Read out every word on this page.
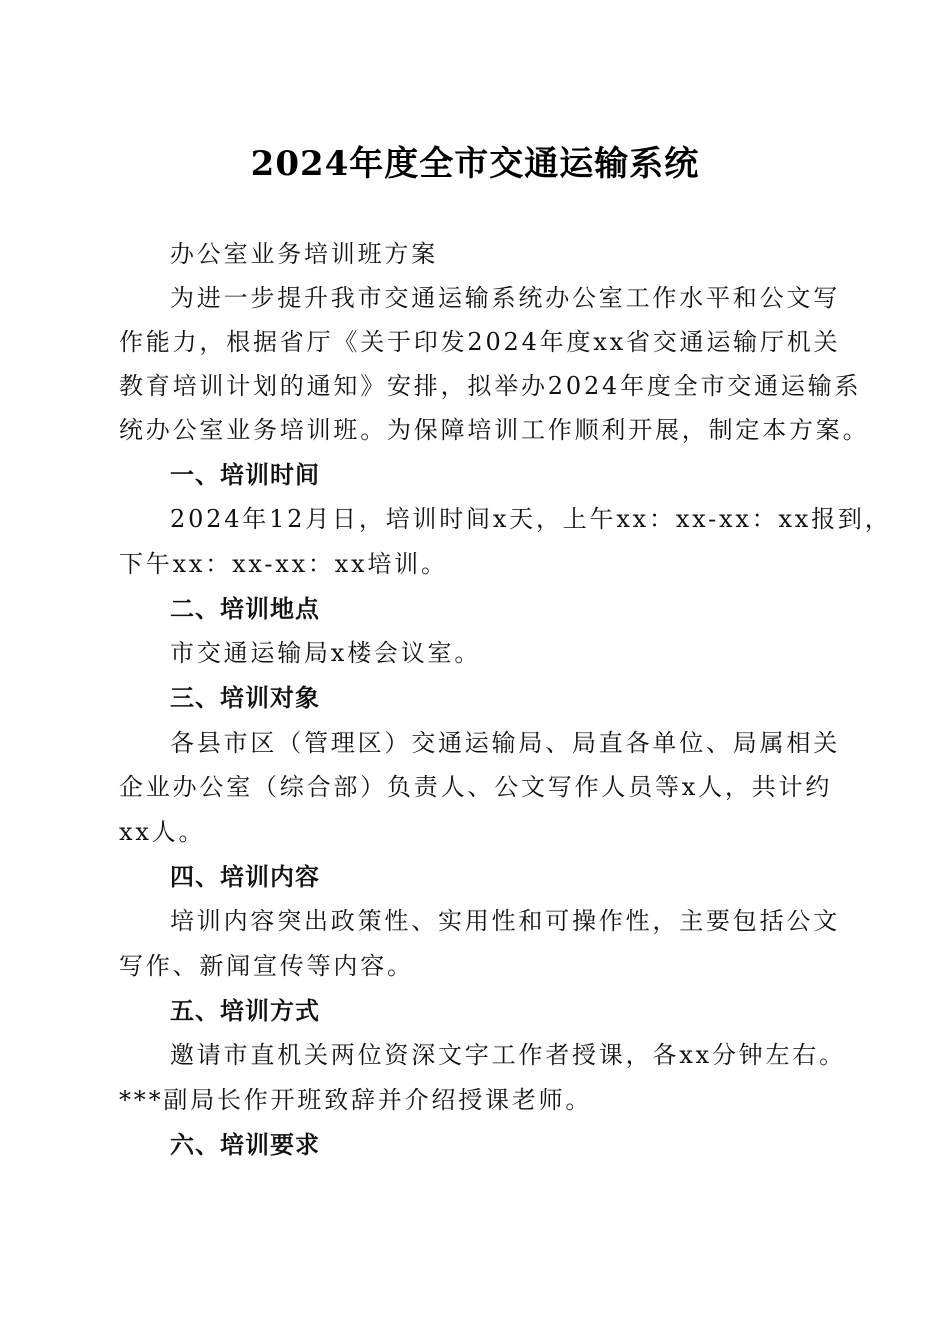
2024年度全市交通运输系统
办公室业务培训班方案
为进一步提升我市交通运输系统办公室工作水平和公文写
作能力，根据省厅《关于印发2024年度xx省交通运输厅机关
教育培训计划的通知》安排，拟举办2024年度全市交通运输系
统办公室业务培训班。为保障培训工作顺利开展，制定本方案。
一、培训时间
2024年12月日，培训时间x天，上午xx：xx-xx：xx报到，
下午xx：xx-xx：xx培训。
二、培训地点
市交通运输局x楼会议室。
三、培训对象
各县市区（管理区）交通运输局、局直各单位、局属相关
企业办公室（综合部）负责人、公文写作人员等x人，共计约
xx人。
四、培训内容
培训内容突出政策性、实用性和可操作性，主要包括公文
写作、新闻宣传等内容。
五、培训方式
邀请市直机关两位资深文字工作者授课，各xx分钟左右。
***副局长作开班致辞并介绍授课老师。
六、培训要求
